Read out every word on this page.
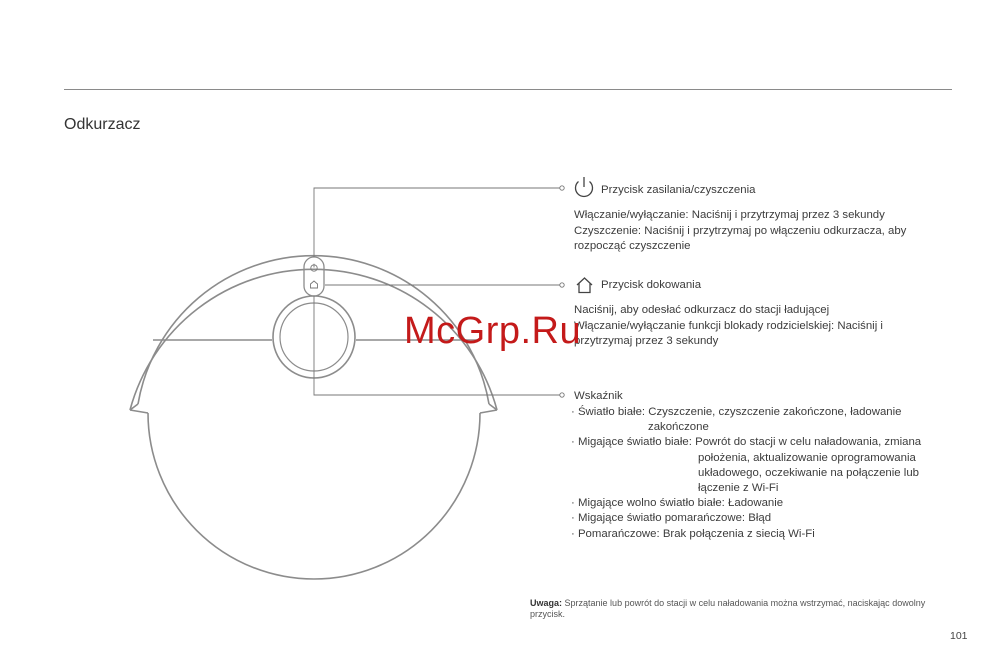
Odkurzacz
Przycisk zasilania/czyszczenia
Włączanie/wyłączanie: Naciśnij i przytrzymaj przez 3 sekundy
Czyszczenie: Naciśnij i przytrzymaj po włączeniu odkurzacza, aby
rozpocząć czyszczenie
Przycisk dokowania
Naciśnij, aby odesłać odkurzacz do stacji ładującej
Włączanie/wyłączanie funkcji blokady rodzicielskiej: Naciśnij i
przytrzymaj przez 3 sekundy
Wskaźnik
· Światło białe: Czyszczenie, czyszczenie zakończone, ładowanie
zakończone
· Migające światło białe: Powrót do stacji w celu naładowania, zmiana
położenia, aktualizowanie oprogramowania
układowego, oczekiwanie na połączenie lub
łączenie z Wi-Fi
· Migające wolno światło białe: Ładowanie
· Migające światło pomarańczowe: Błąd
· Pomarańczowe: Brak połączenia z siecią Wi-Fi
McGrp.Ru
Uwaga: Sprzątanie lub powrót do stacji w celu naładowania można wstrzymać, naciskając dowolny przycisk.
101
